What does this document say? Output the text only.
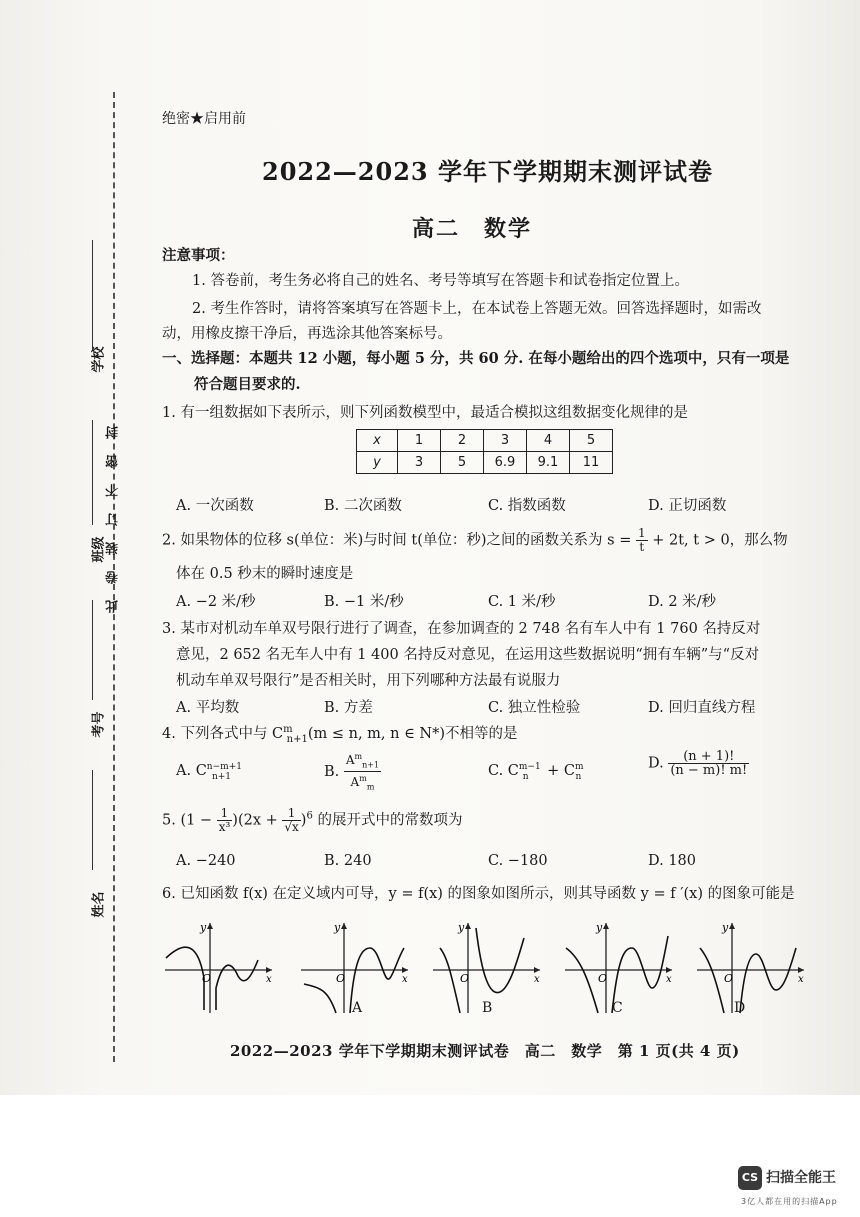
学校
班级
考号
姓名
此卷装订不密封
绝密★启用前
2022—2023 学年下学期期末测评试卷
高二　数学
注意事项：
1. 答卷前，考生务必将自己的姓名、考号等填写在答题卡和试卷指定位置上。
2. 考生作答时，请将答案填写在答题卡上，在本试卷上答题无效。回答选择题时，如需改
动，用橡皮擦干净后，再选涂其他答案标号。
一、选择题：本题共 12 小题，每小题 5 分，共 60 分. 在每小题给出的四个选项中，只有一项是
符合题目要求的.
1. 有一组数据如下表所示，则下列函数模型中，最适合模拟这组数据变化规律的是
x	1	2	3	4	5
y	3	5	6.9	9.1	11
A. 一次函数	B. 二次函数	C. 指数函数	D. 正切函数
2. 如果物体的位移 s(单位：米)与时间 t(单位：秒)之间的函数关系为 $s = \frac{1}{t} + 2t$, t > 0，那么物
体在 0.5 秒末的瞬时速度是
A. −2 米/秒	B. −1 米/秒	C. 1 米/秒	D. 2 米/秒
3. 某市对机动车单双号限行进行了调查，在参加调查的 2 748 名有车人中有 1 760 名持反对
意见，2 652 名无车人中有 1 400 名持反对意见，在运用这些数据说明“拥有车辆”与“反对
机动车单双号限行”是否相关时，用下列哪种方法最有说服力
A. 平均数	B. 方差	C. 独立性检验	D. 回归直线方程
4. 下列各式中与 $C^m_{n+1}(m \le n$, m, n ∈ N*)不相等的是
A. $C^{n-m+1}_{n+1}$	B. $\frac{A^m_{n+1}}{A^m_m}$	C. $C^{m-1}_n + C^m_n$
D. $\frac{(n + 1)!}{(n - m)! m!}$
5. $(1 - \frac{1}{\text{x³}} )(2x + \frac{1}{√x} )^6$ 的展开式中的常数项为
A. −240	B. 240	C. −180	D. 180
6. 已知函数 f(x) 在定义域内可导，y = f(x) 的图象如图所示，则其导函数 y = f ′(x) 的图象可能是
O
y
x	O
y
x
A
O
y
x
B
O
y
x
C
O
y
x
D
2022—2023 学年下学期期末测评试卷　高二　数学　第 1 页(共 4 页)
CS 扫描全能王
3亿人都在用的扫描App
